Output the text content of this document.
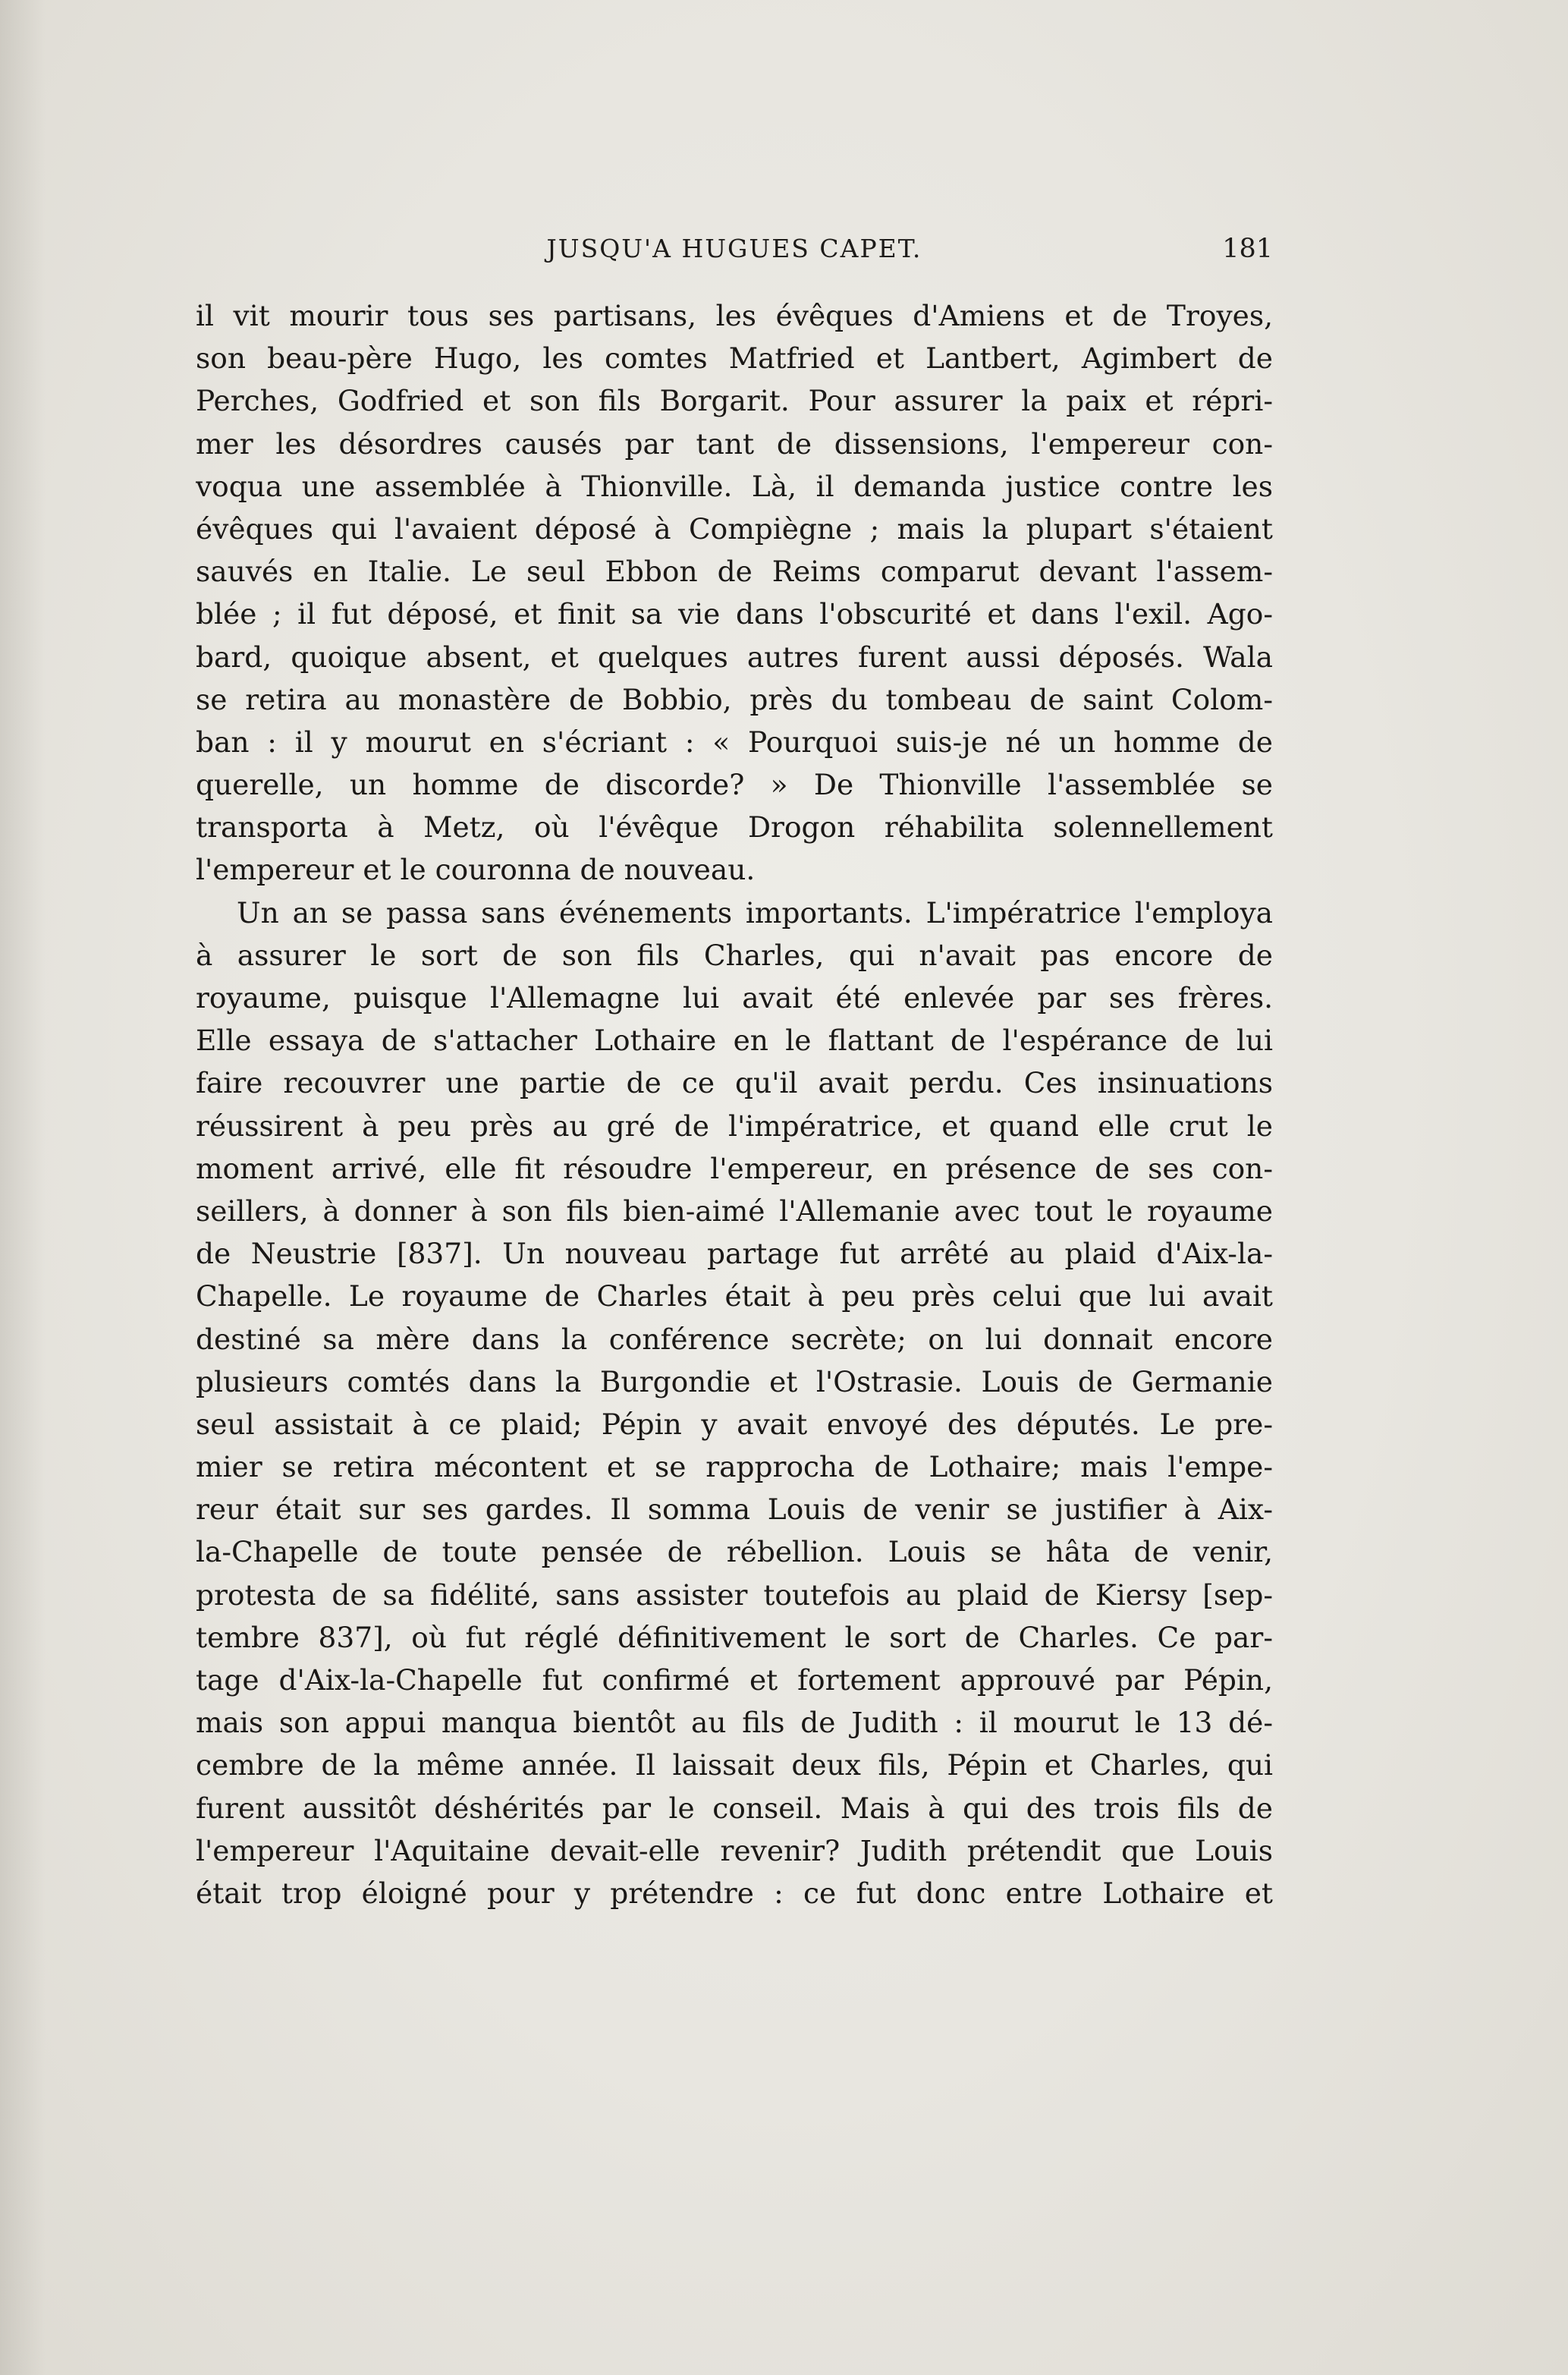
JUSQU'A HUGUES CAPET.	181
il vit mourir tous ses partisans, les évêques d'Amiens et de Troyes,
son beau-père Hugo, les comtes Matfried et Lantbert, Agimbert de
Perches, Godfried et son fils Borgarit. Pour assurer la paix et répri-
mer les désordres causés par tant de dissensions, l'empereur con-
voqua une assemblée à Thionville. Là, il demanda justice contre les
évêques qui l'avaient déposé à Compiègne ; mais la plupart s'étaient
sauvés en Italie. Le seul Ebbon de Reims comparut devant l'assem-
blée ; il fut déposé, et finit sa vie dans l'obscurité et dans l'exil. Ago-
bard, quoique absent, et quelques autres furent aussi déposés. Wala
se retira au monastère de Bobbio, près du tombeau de saint Colom-
ban : il y mourut en s'écriant : « Pourquoi suis-je né un homme de
querelle, un homme de discorde? » De Thionville l'assemblée se
transporta à Metz, où l'évêque Drogon réhabilita solennellement
l'empereur et le couronna de nouveau.
Un an se passa sans événements importants. L'impératrice l'employa
à assurer le sort de son fils Charles, qui n'avait pas encore de
royaume, puisque l'Allemagne lui avait été enlevée par ses frères.
Elle essaya de s'attacher Lothaire en le flattant de l'espérance de lui
faire recouvrer une partie de ce qu'il avait perdu. Ces insinuations
réussirent à peu près au gré de l'impératrice, et quand elle crut le
moment arrivé, elle fit résoudre l'empereur, en présence de ses con-
seillers, à donner à son fils bien-aimé l'Allemanie avec tout le royaume
de Neustrie [837]. Un nouveau partage fut arrêté au plaid d'Aix-la-
Chapelle. Le royaume de Charles était à peu près celui que lui avait
destiné sa mère dans la conférence secrète; on lui donnait encore
plusieurs comtés dans la Burgondie et l'Ostrasie. Louis de Germanie
seul assistait à ce plaid; Pépin y avait envoyé des députés. Le pre-
mier se retira mécontent et se rapprocha de Lothaire; mais l'empe-
reur était sur ses gardes. Il somma Louis de venir se justifier à Aix-
la-Chapelle de toute pensée de rébellion. Louis se hâta de venir,
protesta de sa fidélité, sans assister toutefois au plaid de Kiersy [sep-
tembre 837], où fut réglé définitivement le sort de Charles. Ce par-
tage d'Aix-la-Chapelle fut confirmé et fortement approuvé par Pépin,
mais son appui manqua bientôt au fils de Judith : il mourut le 13 dé-
cembre de la même année. Il laissait deux fils, Pépin et Charles, qui
furent aussitôt déshérités par le conseil. Mais à qui des trois fils de
l'empereur l'Aquitaine devait-elle revenir? Judith prétendit que Louis
était trop éloigné pour y prétendre : ce fut donc entre Lothaire et
